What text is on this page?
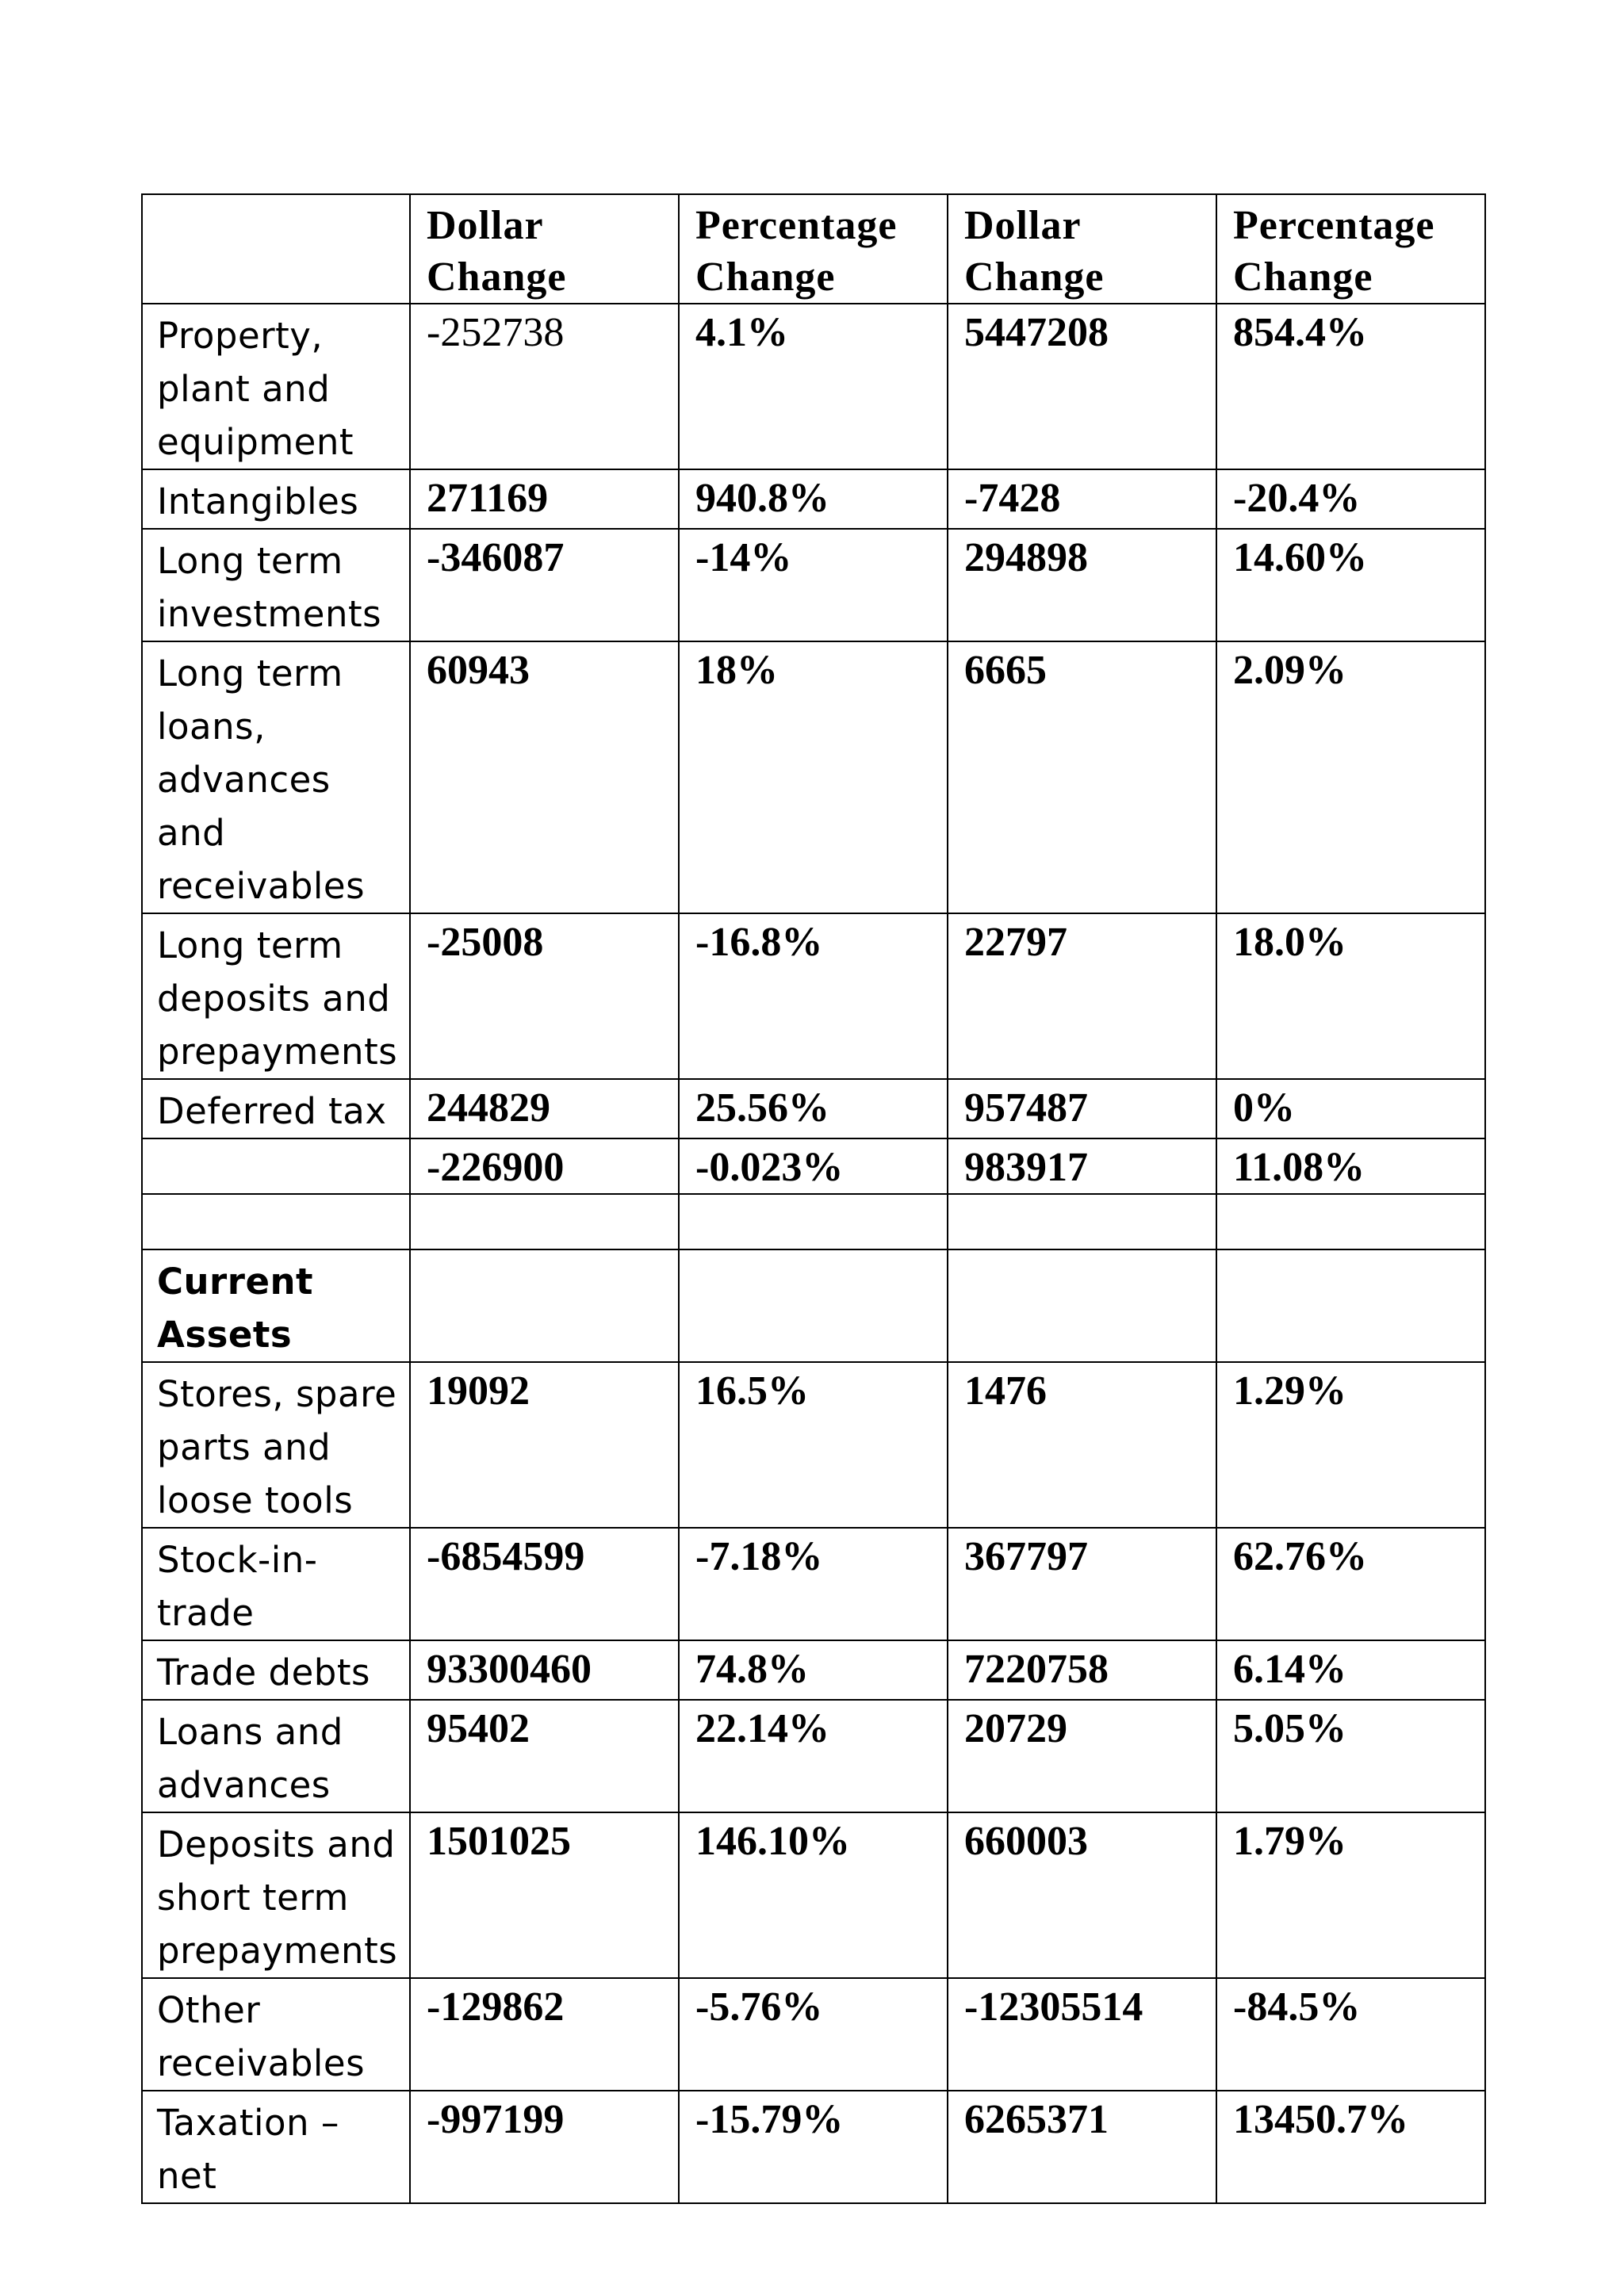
	Dollar Change	Percentage Change	Dollar Change	Percentage Change
Property, plant and equipment	-252738	4.1%	5447208	854.4%
Intangibles	271169	940.8%	-7428	-20.4%
Long term investments	-346087	-14%	294898	14.60%
Long term loans, advances and receivables	60943	18%	6665	2.09%
Long term deposits and prepayments	-25008	-16.8%	22797	18.0%
Deferred tax	244829	25.56%	957487	0%
	-226900	-0.023%	983917	11.08%

Current Assets				
Stores, spare parts and loose tools	19092	16.5%	1476	1.29%
Stock-in-trade	-6854599	-7.18%	367797	62.76%
Trade debts	93300460	74.8%	7220758	6.14%
Loans and advances	95402	22.14%	20729	5.05%
Deposits and short term prepayments	1501025	146.10%	660003	1.79%
Other receivables	-129862	-5.76%	-12305514	-84.5%
Taxation – net	-997199	-15.79%	6265371	13450.7%
